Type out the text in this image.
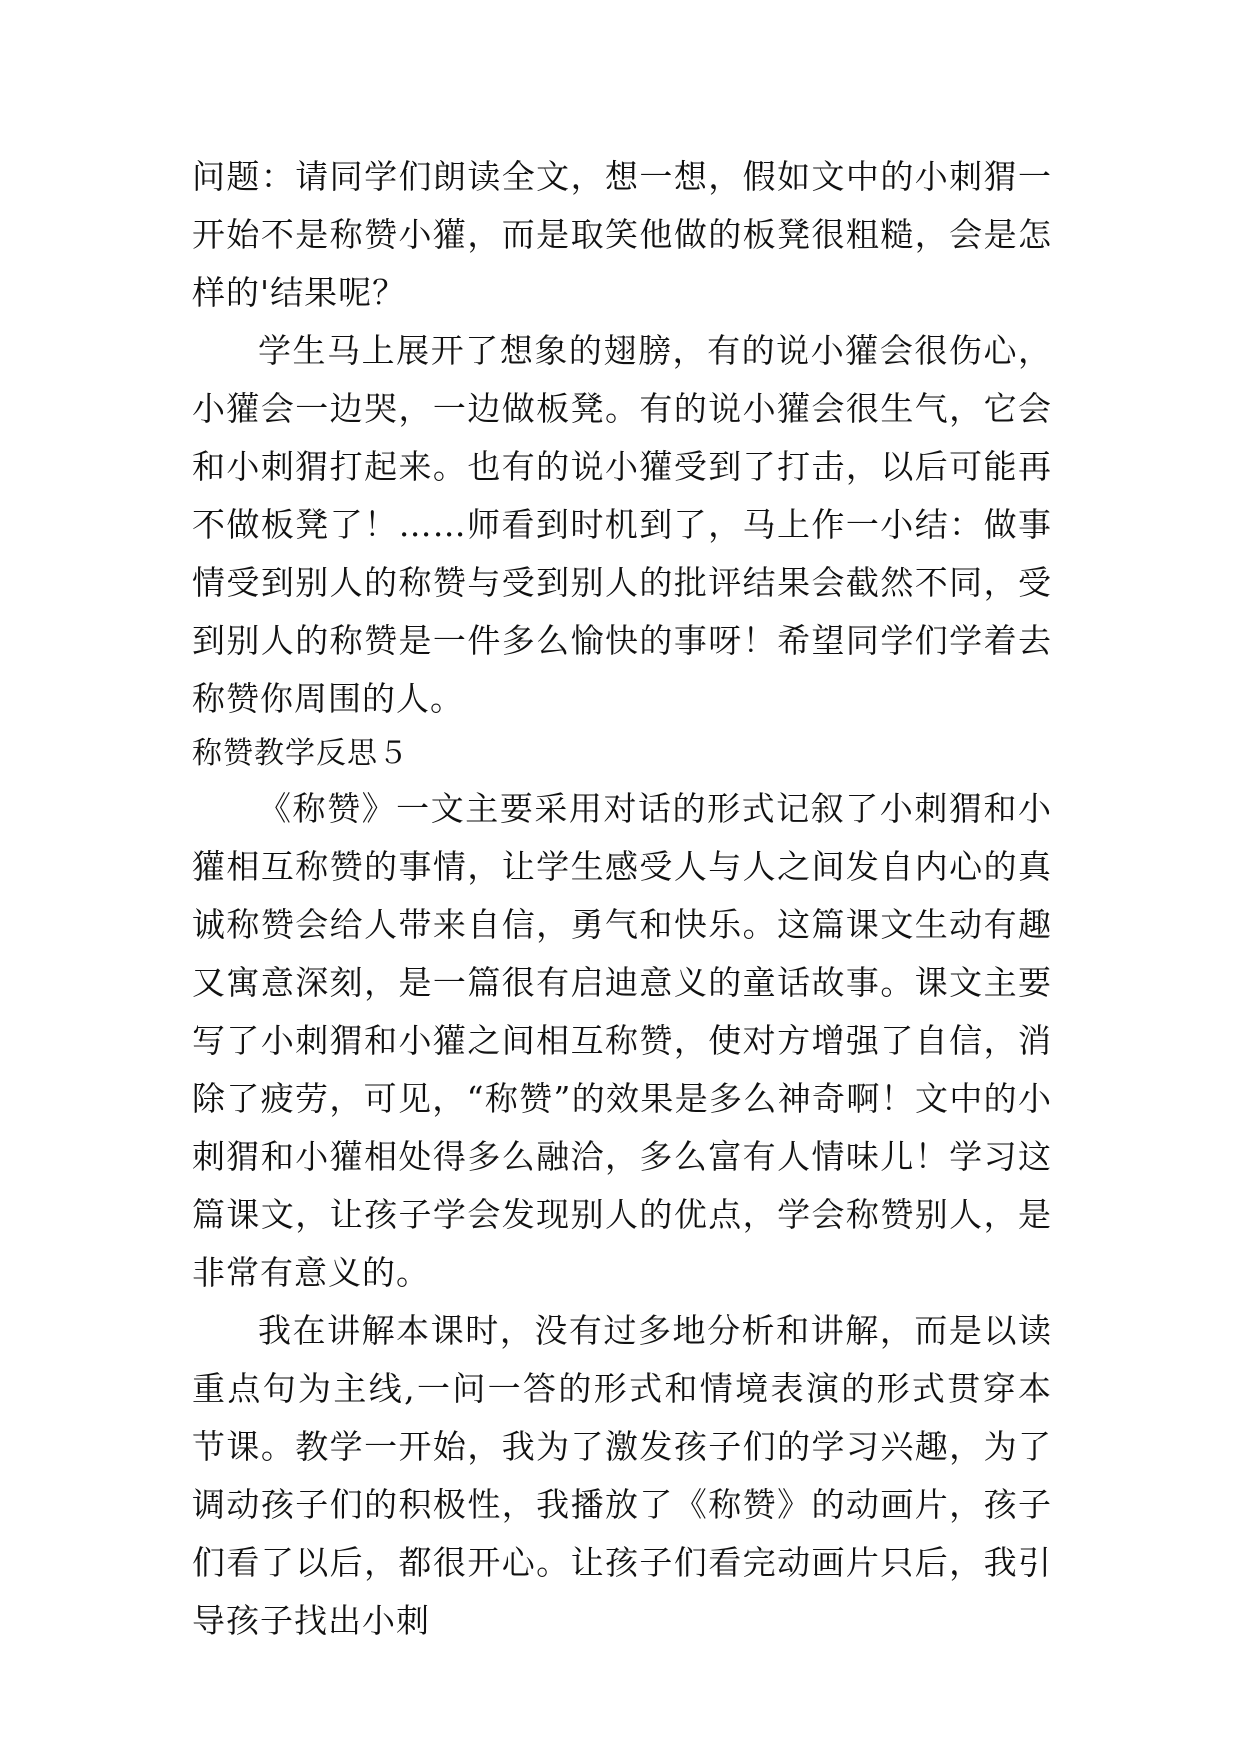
问题：请同学们朗读全文，想一想，假如文中的小刺猬一开始不是称赞小獾，而是取笑他做的板凳很粗糙，会是怎样的'结果呢？

学生马上展开了想象的翅膀，有的说小獾会很伤心，小獾会一边哭，一边做板凳。有的说小獾会很生气，它会和小刺猬打起来。也有的说小獾受到了打击，以后可能再不做板凳了！……师看到时机到了，马上作一小结：做事情受到别人的称赞与受到别人的批评结果会截然不同，受到别人的称赞是一件多么愉快的事呀！希望同学们学着去称赞你周围的人。

称赞教学反思５

《称赞》一文主要采用对话的形式记叙了小刺猬和小獾相互称赞的事情，让学生感受人与人之间发自内心的真诚称赞会给人带来自信，勇气和快乐。这篇课文生动有趣又寓意深刻，是一篇很有启迪意义的童话故事。课文主要写了小刺猬和小獾之间相互称赞，使对方增强了自信，消除了疲劳，可见，“称赞”的效果是多么神奇啊！文中的小刺猬和小獾相处得多么融洽，多么富有人情味儿！学习这篇课文，让孩子学会发现别人的优点，学会称赞别人，是非常有意义的。

我在讲解本课时，没有过多地分析和讲解，而是以读重点句为主线,一问一答的形式和情境表演的形式贯穿本节课。教学一开始，我为了激发孩子们的学习兴趣，为了调动孩子们的积极性，我播放了《称赞》的动画片，孩子们看了以后，都很开心。让孩子们看完动画片只后，我引导孩子找出小刺
